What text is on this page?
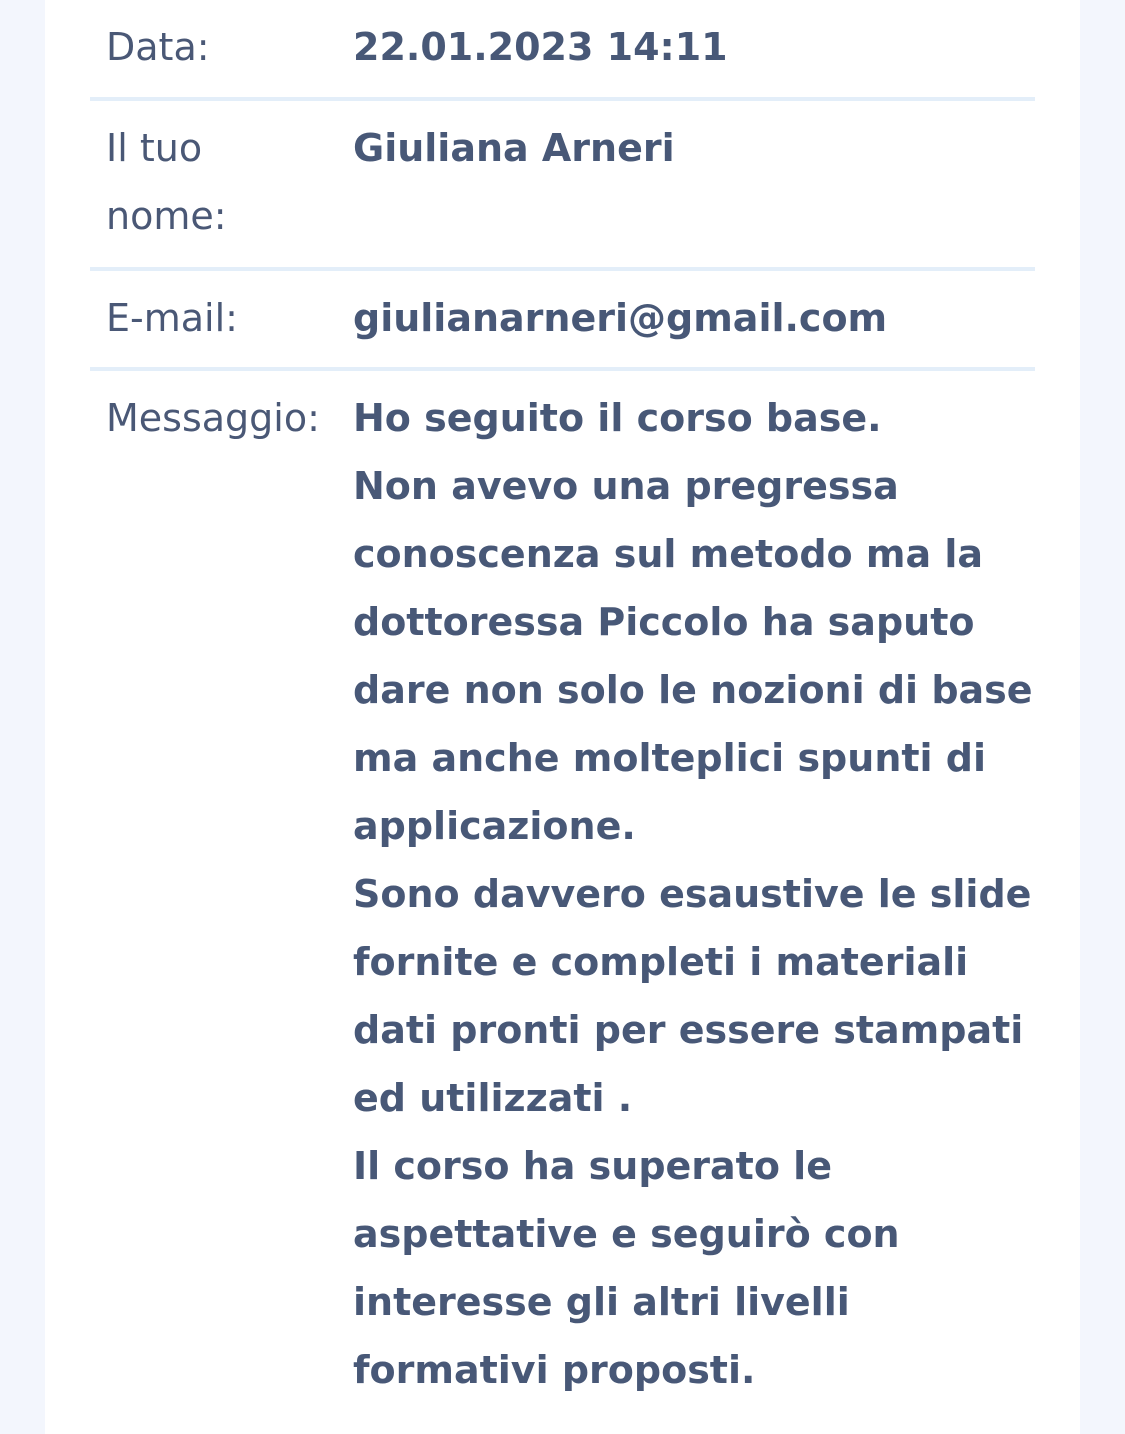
Data:	22.01.2023 14:11
Il tuo
nome:
Giuliana Arneri
E-mail:	giulianarneri@gmail.com
Messaggio: Ho seguito il corso base.
Non avevo una pregressa
conoscenza sul metodo ma la
dottoressa Piccolo ha saputo
dare non solo le nozioni di base
ma anche molteplici spunti di
applicazione.
Sono davvero esaustive le slide
fornite e completi i materiali
dati pronti per essere stampati
ed utilizzati .
Il corso ha superato le
aspettative e seguirò con
interesse gli altri livelli
formativi proposti.
